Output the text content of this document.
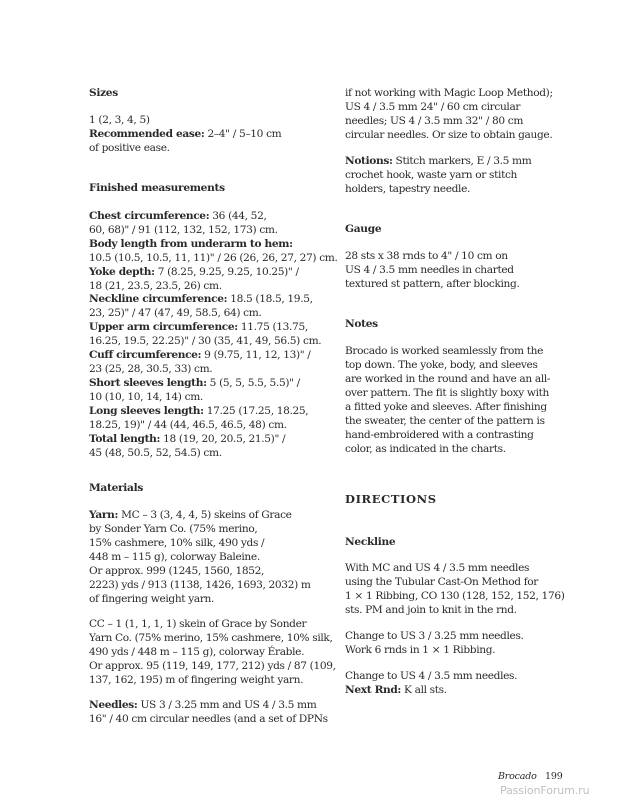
Sizes
1 (2, 3, 4, 5)
Recommended ease: 2–4" / 5–10 cm
of positive ease.
Finished measurements
Chest circumference: 36 (44, 52,
60, 68)" / 91 (112, 132, 152, 173) cm.
Body length from underarm to hem:
10.5 (10.5, 10.5, 11, 11)" / 26 (26, 26, 27, 27) cm.
Yoke depth: 7 (8.25, 9.25, 9.25, 10.25)" /
18 (21, 23.5, 23.5, 26) cm.
Neckline circumference: 18.5 (18.5, 19.5,
23, 25)" / 47 (47, 49, 58.5, 64) cm.
Upper arm circumference: 11.75 (13.75,
16.25, 19.5, 22.25)" / 30 (35, 41, 49, 56.5) cm.
Cuff circumference: 9 (9.75, 11, 12, 13)" /
23 (25, 28, 30.5, 33) cm.
Short sleeves length: 5 (5, 5, 5.5, 5.5)" /
10 (10, 10, 14, 14) cm.
Long sleeves length: 17.25 (17.25, 18.25,
18.25, 19)" / 44 (44, 46.5, 46.5, 48) cm.
Total length: 18 (19, 20, 20.5, 21.5)" /
45 (48, 50.5, 52, 54.5) cm.
Materials
Yarn: MC – 3 (3, 4, 4, 5) skeins of Grace
by Sonder Yarn Co. (75% merino,
15% cashmere, 10% silk, 490 yds /
448 m – 115 g), colorway Baleine.
Or approx. 999 (1245, 1560, 1852,
2223) yds / 913 (1138, 1426, 1693, 2032) m
of fingering weight yarn.
CC – 1 (1, 1, 1, 1) skein of Grace by Sonder
Yarn Co. (75% merino, 15% cashmere, 10% silk,
490 yds / 448 m – 115 g), colorway Érable.
Or approx. 95 (119, 149, 177, 212) yds / 87 (109,
137, 162, 195) m of fingering weight yarn.
Needles: US 3 / 3.25 mm and US 4 / 3.5 mm
16" / 40 cm circular needles (and a set of DPNs
if not working with Magic Loop Method);
US 4 / 3.5 mm 24" / 60 cm circular
needles; US 4 / 3.5 mm 32" / 80 cm
circular needles. Or size to obtain gauge.
Notions: Stitch markers, E / 3.5 mm
crochet hook, waste yarn or stitch
holders, tapestry needle.
Gauge
28 sts x 38 rnds to 4" / 10 cm on
US 4 / 3.5 mm needles in charted
textured st pattern, after blocking.
Notes
Brocado is worked seamlessly from the
top down. The yoke, body, and sleeves
are worked in the round and have an all-
over pattern. The fit is slightly boxy with
a fitted yoke and sleeves. After finishing
the sweater, the center of the pattern is
hand-embroidered with a contrasting
color, as indicated in the charts.
DIRECTIONS
Neckline
With MC and US 4 / 3.5 mm needles
using the Tubular Cast-On Method for
1 × 1 Ribbing, CO 130 (128, 152, 152, 176)
sts. PM and join to knit in the rnd.
Change to US 3 / 3.25 mm needles.
Work 6 rnds in 1 × 1 Ribbing.
Change to US 4 / 3.5 mm needles.
Next Rnd: K all sts.
Brocado 199
PassionForum.ru
